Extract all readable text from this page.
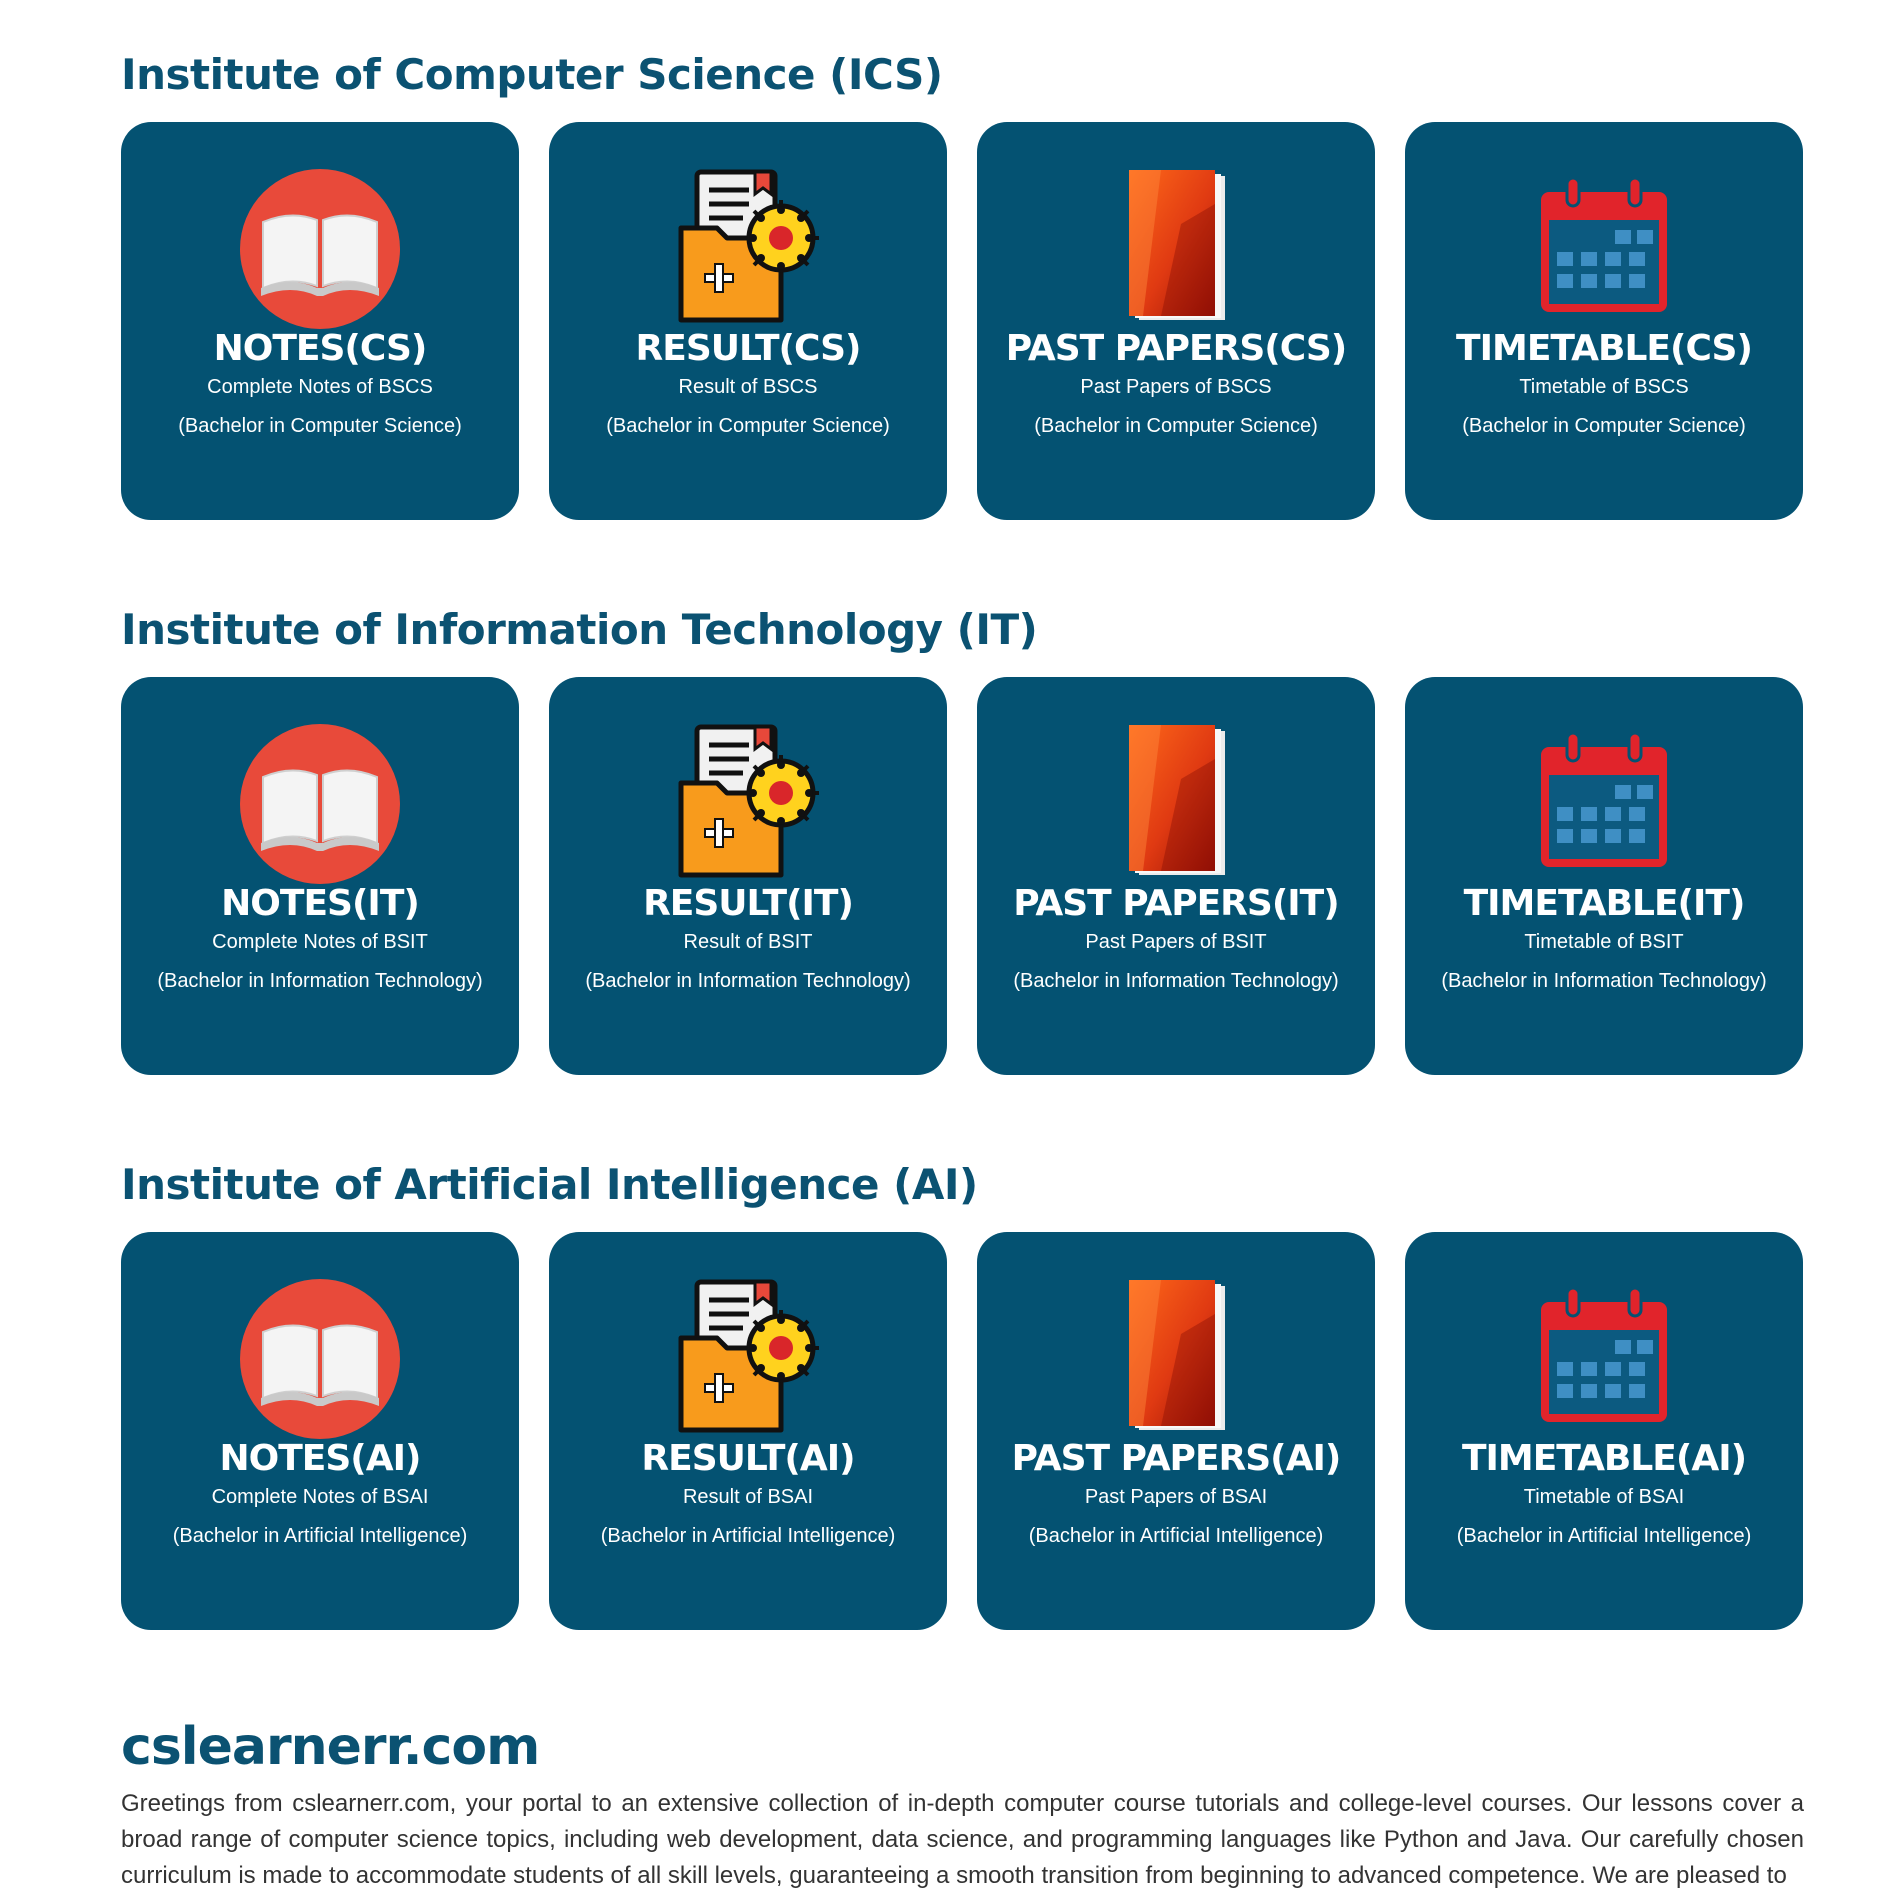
Institute of Computer Science (ICS)
NOTES(CS)
Complete Notes of BSCS
(Bachelor in Computer Science)
RESULT(CS)
Result of BSCS
(Bachelor in Computer Science)
PAST PAPERS(CS)
Past Papers of BSCS
(Bachelor in Computer Science)
TIMETABLE(CS)
Timetable of BSCS
(Bachelor in Computer Science)
Institute of Information Technology (IT)
NOTES(IT)
Complete Notes of BSIT
(Bachelor in Information Technology)
RESULT(IT)
Result of BSIT
(Bachelor in Information Technology)
PAST PAPERS(IT)
Past Papers of BSIT
(Bachelor in Information Technology)
TIMETABLE(IT)
Timetable of BSIT
(Bachelor in Information Technology)
Institute of Artificial Intelligence (AI)
NOTES(AI)
Complete Notes of BSAI
(Bachelor in Artificial Intelligence)
RESULT(AI)
Result of BSAI
(Bachelor in Artificial Intelligence)
PAST PAPERS(AI)
Past Papers of BSAI
(Bachelor in Artificial Intelligence)
TIMETABLE(AI)
Timetable of BSAI
(Bachelor in Artificial Intelligence)
cslearnerr.com

Greetings from cslearnerr.com, your portal to an extensive collection of in-depth computer course tutorials and college-level courses. Our lessons cover a broad range of computer science topics, including web development, data science, and programming languages like Python and Java. Our carefully chosen curriculum is made to accommodate students of all skill levels, guaranteeing a smooth transition from beginning to advanced competence. We are pleased to
